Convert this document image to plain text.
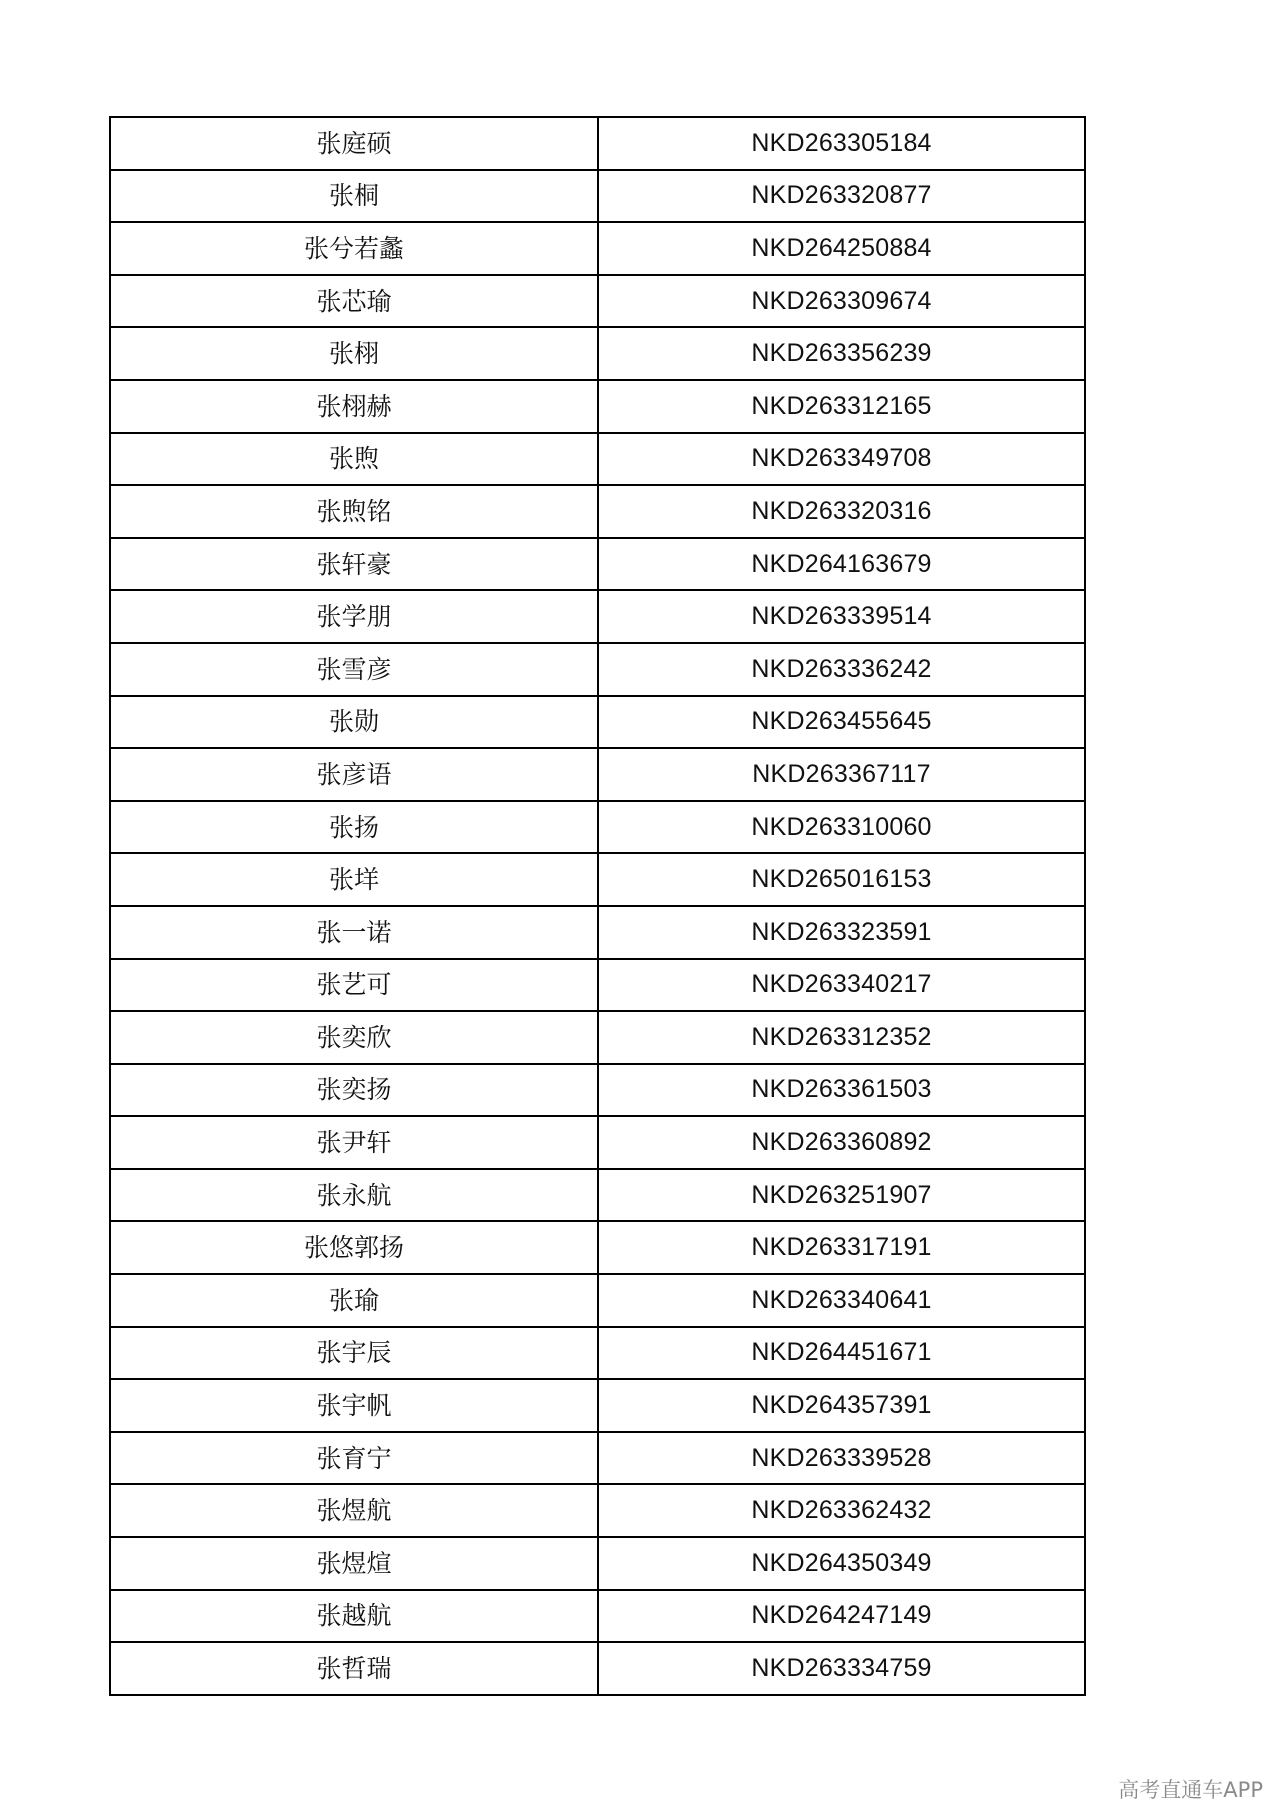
张庭硕	NKD263305184
张桐	NKD263320877
张兮若蠡	NKD264250884
张芯瑜	NKD263309674
张栩	NKD263356239
张栩赫	NKD263312165
张煦	NKD263349708
张煦铭	NKD263320316
张轩豪	NKD264163679
张学朋	NKD263339514
张雪彦	NKD263336242
张勋	NKD263455645
张彦语	NKD263367117
张扬	NKD263310060
张垟	NKD265016153
张一诺	NKD263323591
张艺可	NKD263340217
张奕欣	NKD263312352
张奕扬	NKD263361503
张尹轩	NKD263360892
张永航	NKD263251907
张悠郭扬	NKD263317191
张瑜	NKD263340641
张宇辰	NKD264451671
张宇帆	NKD264357391
张育宁	NKD263339528
张煜航	NKD263362432
张煜煊	NKD264350349
张越航	NKD264247149
张哲瑞	NKD263334759
高考直通车APP
